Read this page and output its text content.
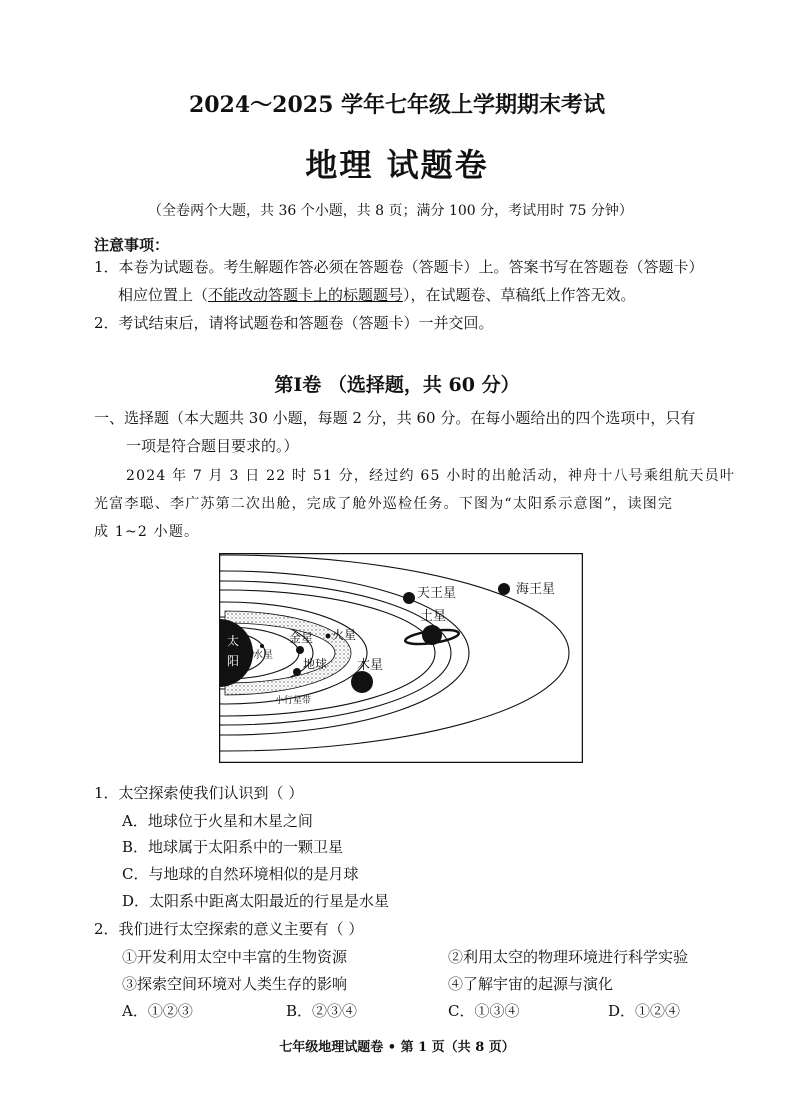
2024～2025 学年七年级上学期期末考试
地理 试题卷
（全卷两个大题，共 36 个小题，共 8 页；满分 100 分，考试用时 75 分钟）
注意事项：
1．本卷为试题卷。考生解题作答必须在答题卷（答题卡）上。答案书写在答题卷（答题卡）
相应位置上（不能改动答题卡上的标题题号），在试题卷、草稿纸上作答无效。
2．考试结束后，请将试题卷和答题卷（答题卡）一并交回。
第Ⅰ卷 （选择题，共 60 分）
一、选择题（本大题共 30 小题，每题 2 分，共 60 分。在每小题给出的四个选项中，只有
一项是符合题目要求的。）
2024 年 7 月 3 日 22 时 51 分，经过约 65 小时的出舱活动，神舟十八号乘组航天员叶
光富李聪、李广苏第二次出舱，完成了舱外巡检任务。下图为“太阳系示意图”，读图完
成 1~2 小题。
太
阳 水星
金星
地球
火星
木星
土星
天王星	海王星
小行星带
1．太空探索使我们认识到（ ）
A．地球位于火星和木星之间
B．地球属于太阳系中的一颗卫星
C．与地球的自然环境相似的是月球
D．太阳系中距离太阳最近的行星是水星
2．我们进行太空探索的意义主要有（ ）
①开发利用太空中丰富的生物资源	②利用太空的物理环境进行科学实验
③探索空间环境对人类生存的影响	④了解宇宙的起源与演化
A．①②③	B．②③④	C．①③④	D．①②④
七年级地理试题卷 • 第 1 页（共 8 页）
